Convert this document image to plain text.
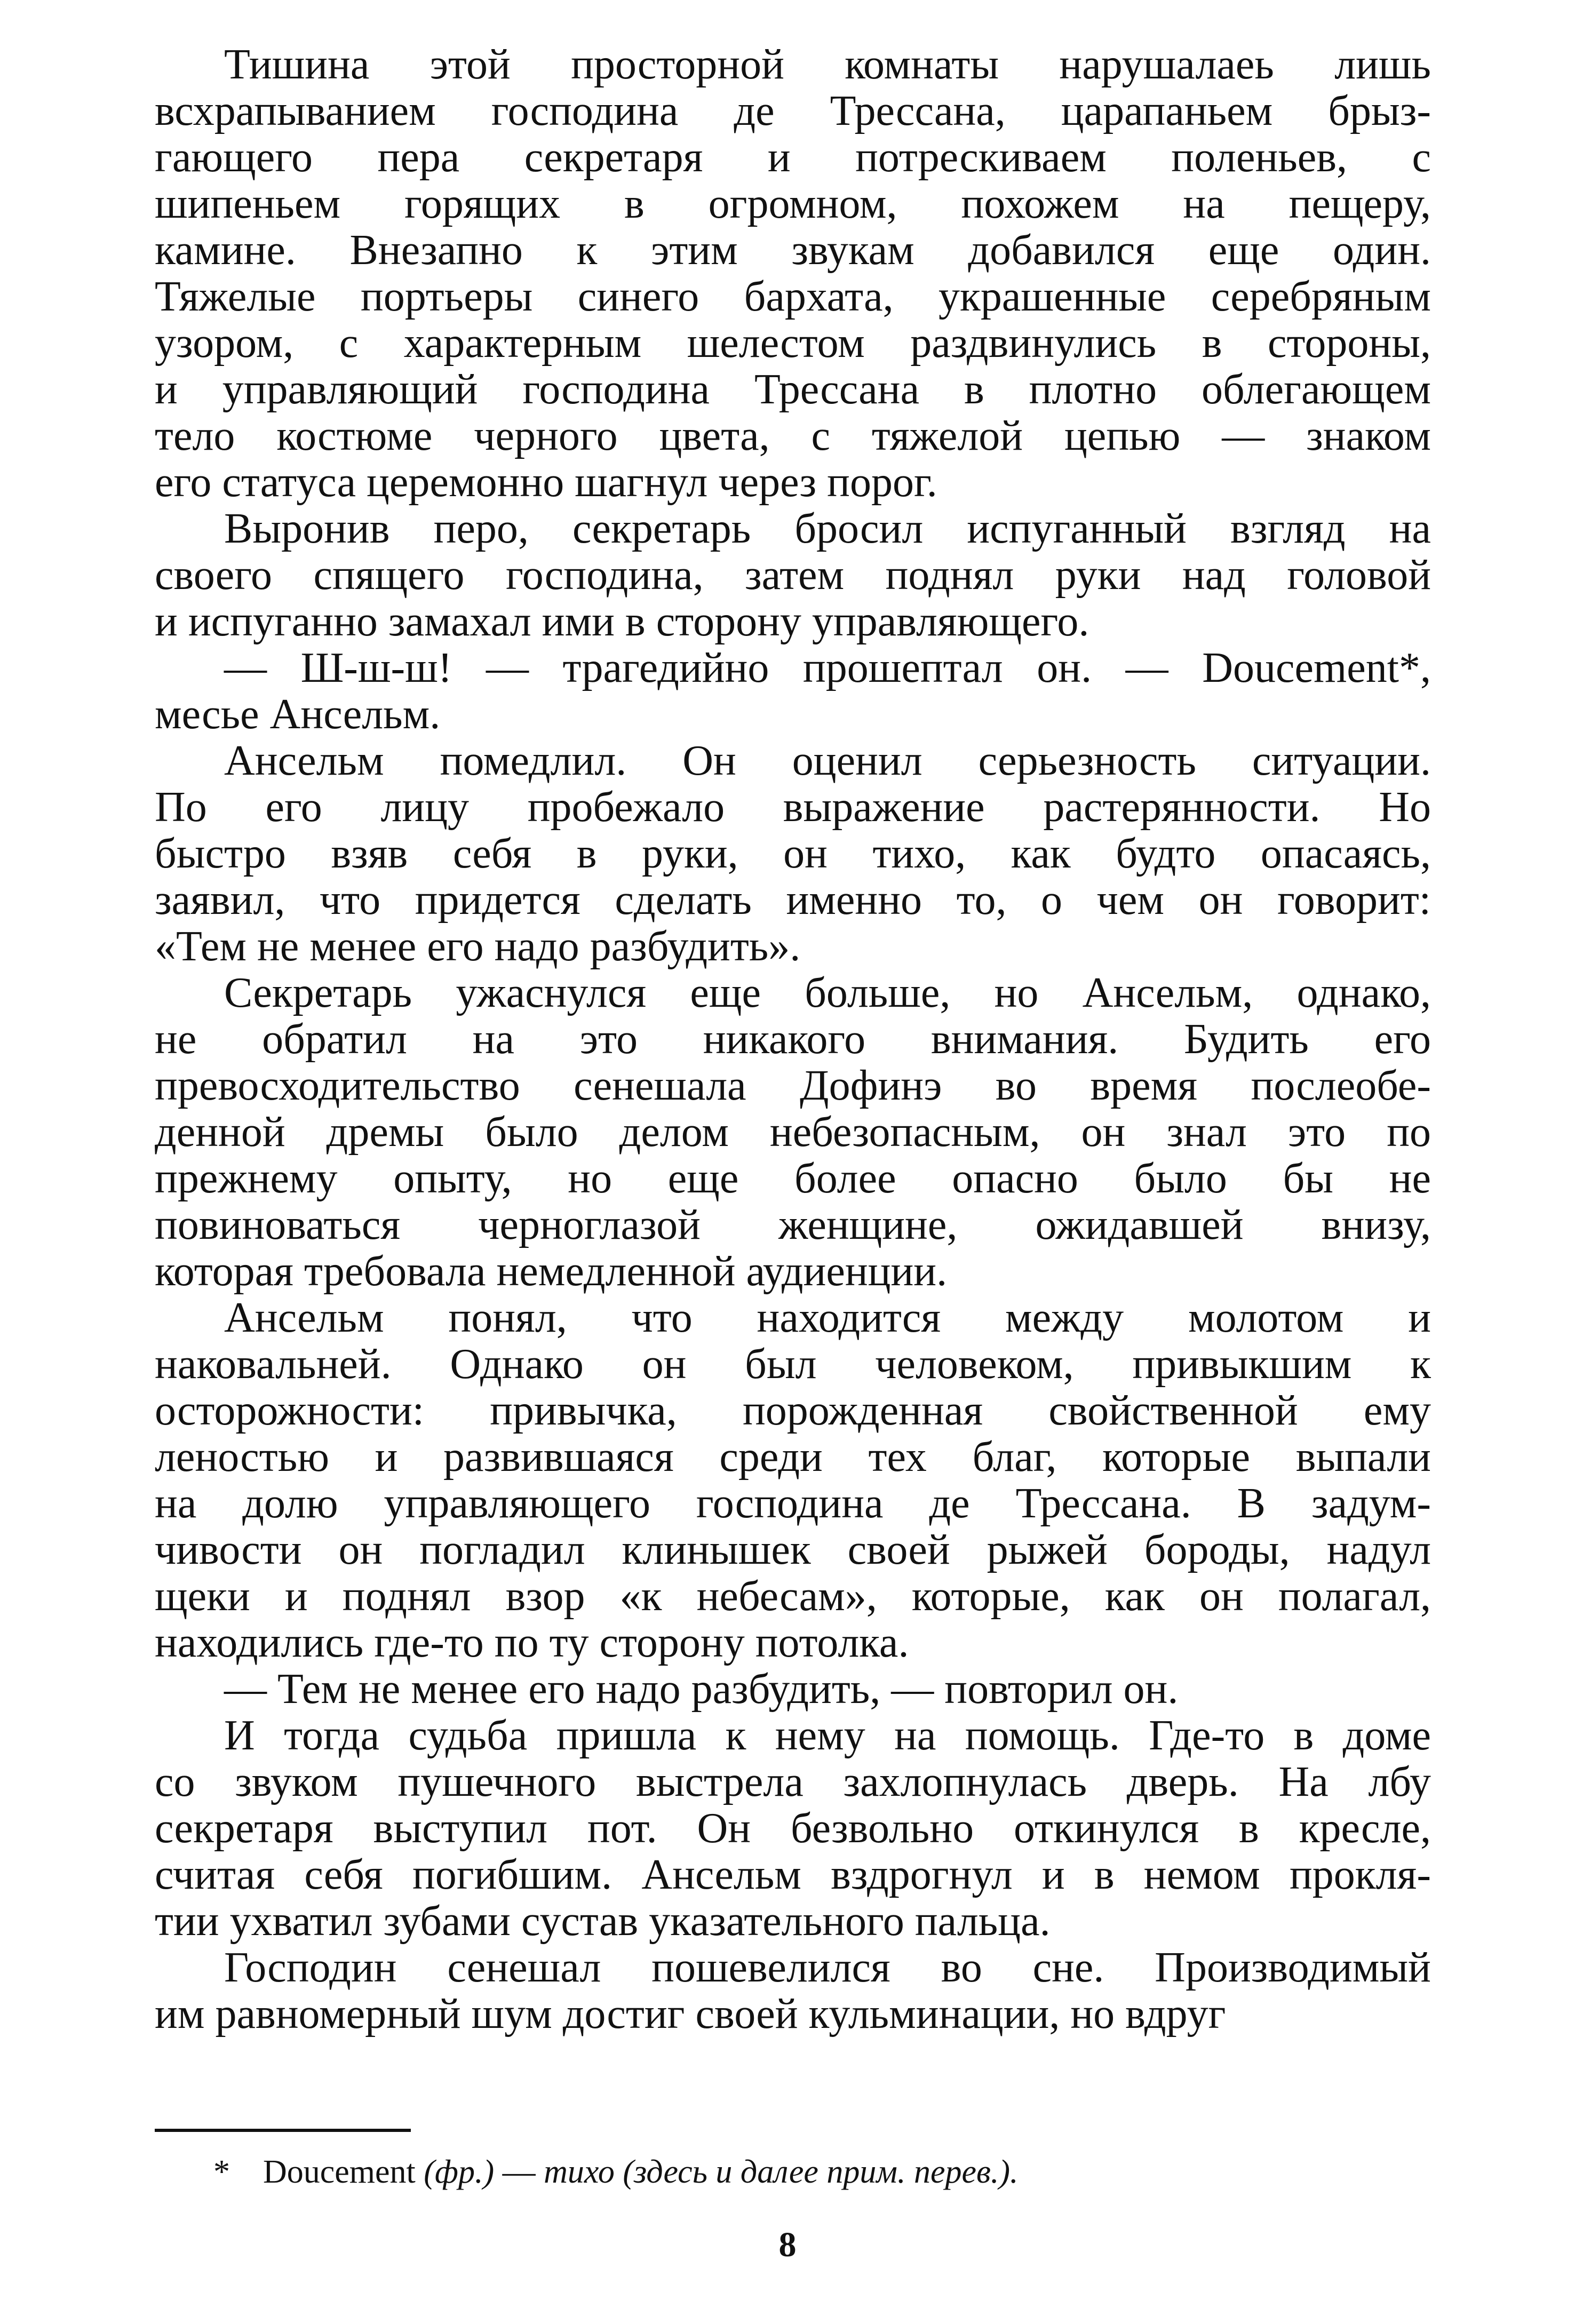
Тишина этой просторной комнаты нарушалаеь лишь
всхрапыванием господина де Трессана, царапаньем брыз-
гающего пера секретаря и потрескиваем поленьев, с
шипеньем горящих в огромном, похожем на пещеру,
камине. Внезапно к этим звукам добавился еще один.
Тяжелые портьеры синего бархата, украшенные серебряным
узором, с характерным шелестом раздвинулись в стороны,
и управляющий господина Трессана в плотно облегающем
тело костюме черного цвета, с тяжелой цепью — знаком
его статуса церемонно шагнул через порог.

Выронив перо, секретарь бросил испуганный взгляд на
своего спящего господина, затем поднял руки над головой
и испуганно замахал ими в сторону управляющего.

— Ш-ш-ш! — трагедийно прошептал он. — Doucement*,
месье Ансельм.

Ансельм помедлил. Он оценил серьезность ситуации.
По его лицу пробежало выражение растерянности. Но
быстро взяв себя в руки, он тихо, как будто опасаясь,
заявил, что придется сделать именно то, о чем он говорит:
«Тем не менее его надо разбудить».

Секретарь ужаснулся еще больше, но Ансельм, однако,
не обратил на это никакого внимания. Будить его
превосходительство сенешала Дофинэ во время послеобе-
денной дремы было делом небезопасным, он знал это по
прежнему опыту, но еще более опасно было бы не
повиноваться черноглазой женщине, ожидавшей внизу,
которая требовала немедленной аудиенции.

Ансельм понял, что находится между молотом и
наковальней. Однако он был человеком, привыкшим к
осторожности: привычка, порожденная свойственной ему
леностью и развившаяся среди тех благ, которые выпали
на долю управляющего господина де Трессана. В задум-
чивости он погладил клинышек своей рыжей бороды, надул
щеки и поднял взор «к небесам», которые, как он полагал,
находились где-то по ту сторону потолка.

— Тем не менее его надо разбудить, — повторил он.

И тогда судьба пришла к нему на помощь. Где-то в доме
со звуком пушечного выстрела захлопнулась дверь. На лбу
секретаря выступил пот. Он безвольно откинулся в кресле,
считая себя погибшим. Ансельм вздрогнул и в немом прокля-
тии ухватил зубами сустав указательного пальца.

Господин сенешал пошевелился во сне. Производимый
им равномерный шум достиг своей кульминации, но вдруг

* Doucement (фр.) — тихо (здесь и далее прим. перев.).
8
